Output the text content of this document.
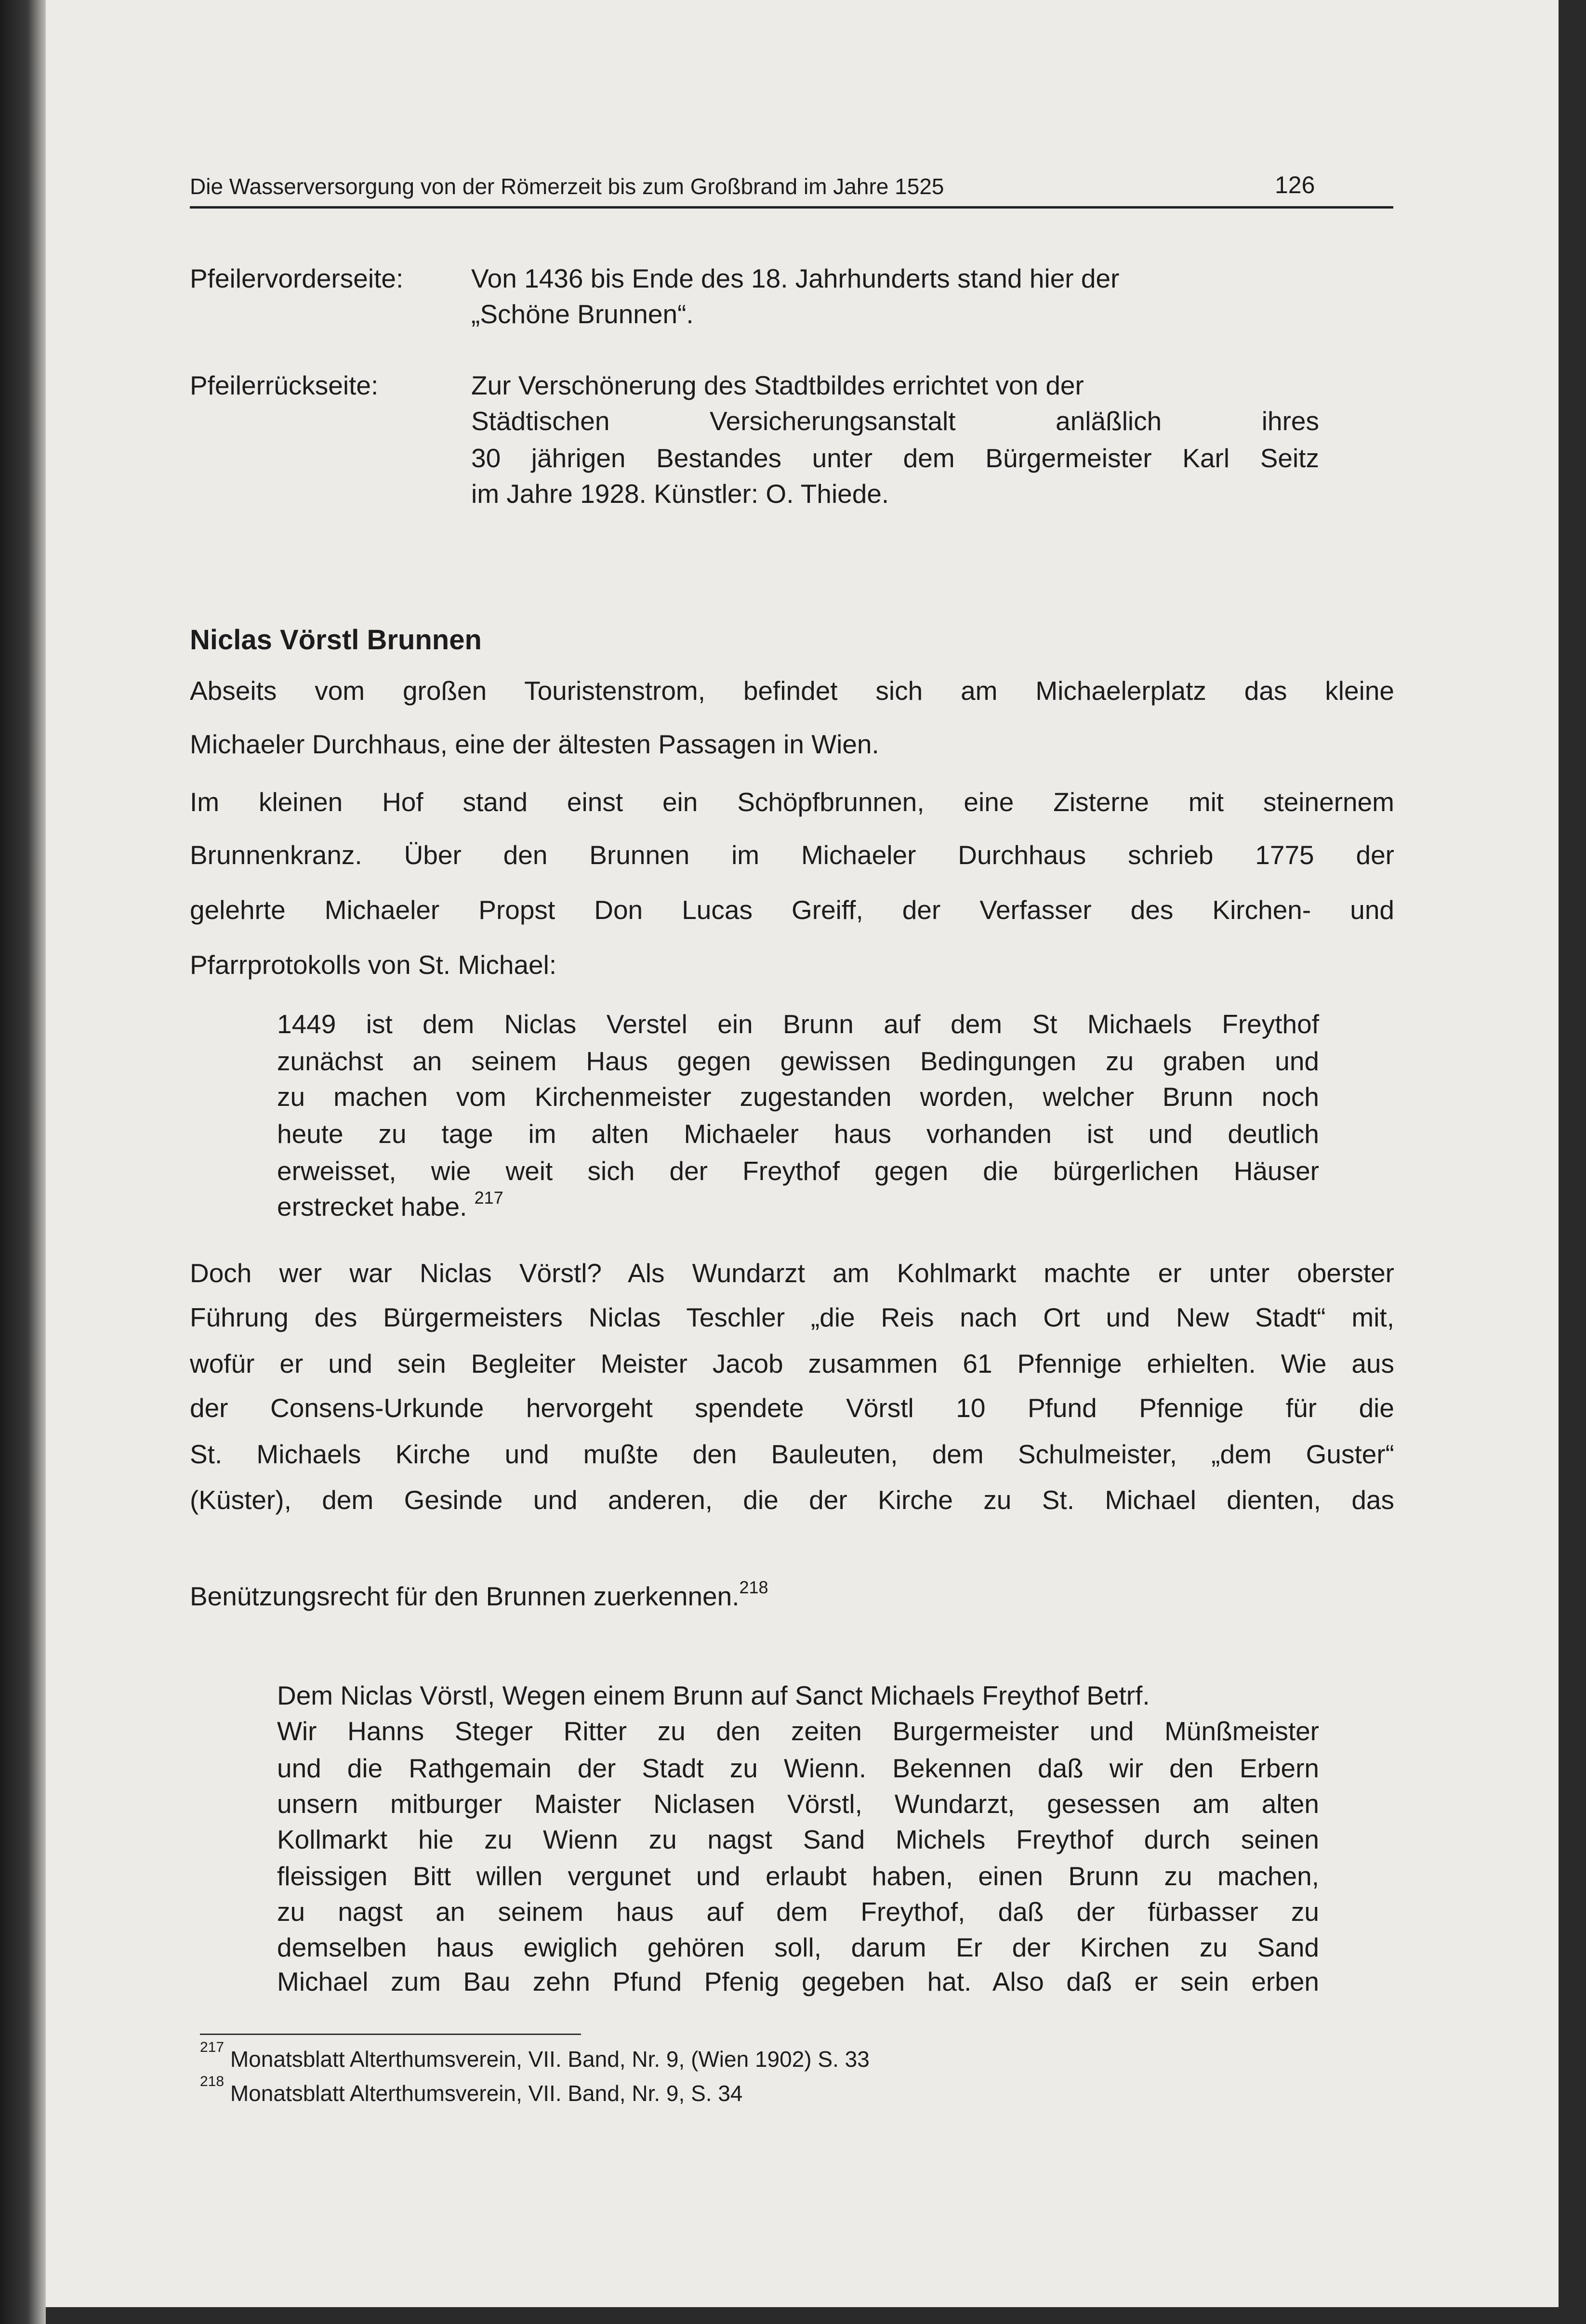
Die Wasserversorgung von der Römerzeit bis zum Großbrand im Jahre 1525	126
Pfeilervorderseite:	Von 1436 bis Ende des 18. Jahrhunderts stand hier der
„Schöne Brunnen“.
Pfeilerrückseite:	Zur Verschönerung des Stadtbildes errichtet von der
Städtischen Versicherungsanstalt anläßlich ihres
30 jährigen Bestandes unter dem Bürgermeister Karl Seitz
im Jahre 1928. Künstler: O. Thiede.
Niclas Vörstl Brunnen
Abseits vom großen Touristenstrom, befindet sich am Michaelerplatz das kleine
Michaeler Durchhaus, eine der ältesten Passagen in Wien.
Im kleinen Hof stand einst ein Schöpfbrunnen, eine Zisterne mit steinernem
Brunnenkranz. Über den Brunnen im Michaeler Durchhaus schrieb 1775 der
gelehrte Michaeler Propst Don Lucas Greiff, der Verfasser des Kirchen- und
Pfarrprotokolls von St. Michael:
1449 ist dem Niclas Verstel ein Brunn auf dem St Michaels Freythof
zunächst an seinem Haus gegen gewissen Bedingungen zu graben und
zu machen vom Kirchenmeister zugestanden worden, welcher Brunn noch
heute zu tage im alten Michaeler haus vorhanden ist und deutlich
erweisset, wie weit sich der Freythof gegen die bürgerlichen Häuser
erstrecket habe. $^{217}$
Doch wer war Niclas Vörstl? Als Wundarzt am Kohlmarkt machte er unter oberster
Führung des Bürgermeisters Niclas Teschler „die Reis nach Ort und New Stadt“ mit,
wofür er und sein Begleiter Meister Jacob zusammen 61 Pfennige erhielten. Wie aus
der Consens-Urkunde hervorgeht spendete Vörstl 10 Pfund Pfennige für die
St. Michaels Kirche und mußte den Bauleuten, dem Schulmeister, „dem Guster“
(Küster), dem Gesinde und anderen, die der Kirche zu St. Michael dienten, das
Benützungsrecht für den Brunnen zuerkennen.$^{218}$
Dem Niclas Vörstl, Wegen einem Brunn auf Sanct Michaels Freythof Betrf.
Wir Hanns Steger Ritter zu den zeiten Burgermeister und Münßmeister
und die Rathgemain der Stadt zu Wienn. Bekennen daß wir den Erbern
unsern mitburger Maister Niclasen Vörstl, Wundarzt, gesessen am alten
Kollmarkt hie zu Wienn zu nagst Sand Michels Freythof durch seinen
fleissigen Bitt willen vergunet und erlaubt haben, einen Brunn zu machen,
zu nagst an seinem haus auf dem Freythof, daß der fürbasser zu
demselben haus ewiglich gehören soll, darum Er der Kirchen zu Sand
Michael zum Bau zehn Pfund Pfenig gegeben hat. Also daß er sein erben
$^{217}$ Monatsblatt Alterthumsverein, VII. Band, Nr. 9, (Wien 1902) S. 33
$^{218}$ Monatsblatt Alterthumsverein, VII. Band, Nr. 9, S. 34
